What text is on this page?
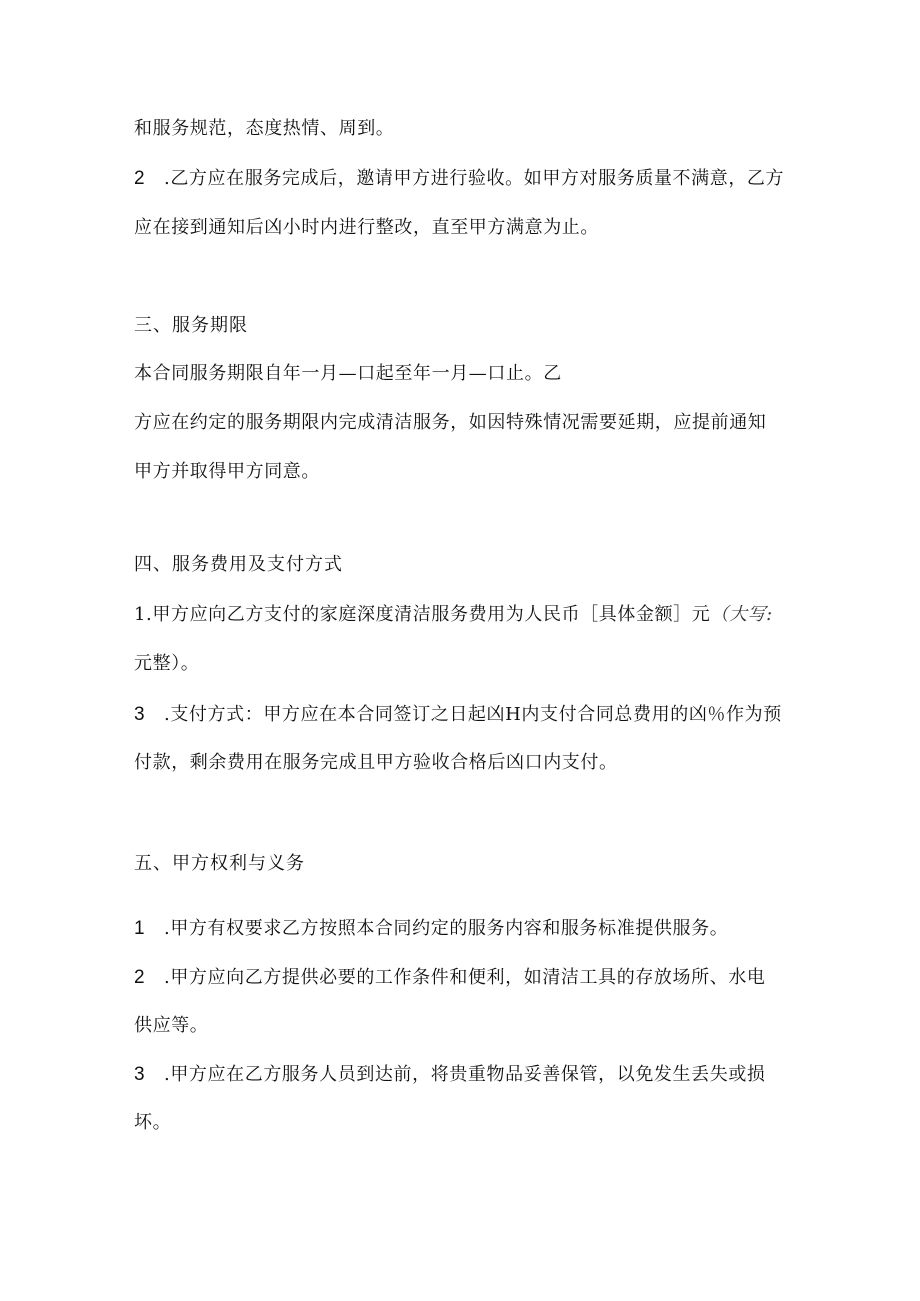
和服务规范，态度热情、周到。
2 .乙方应在服务完成后，邀请甲方进行验收。如甲方对服务质量不满意，乙方
应在接到通知后凶小时内进行整改，直至甲方满意为止。
三、服务期限
本合同服务期限自年一月—口起至年一月—口止。乙
方应在约定的服务期限内完成清洁服务，如因特殊情况需要延期，应提前通知
甲方并取得甲方同意。
四、服务费用及支付方式
1.甲方应向乙方支付的家庭深度清洁服务费用为人民币［具体金额］元（大写:
元整）。
3 .支付方式：甲方应在本合同签订之日起凶H内支付合同总费用的凶％作为预
付款，剩余费用在服务完成且甲方验收合格后凶口内支付。
五、甲方权利与义务
1 .甲方有权要求乙方按照本合同约定的服务内容和服务标准提供服务。
2 .甲方应向乙方提供必要的工作条件和便利，如清洁工具的存放场所、水电
供应等。
3 .甲方应在乙方服务人员到达前，将贵重物品妥善保管，以免发生丢失或损
坏。
